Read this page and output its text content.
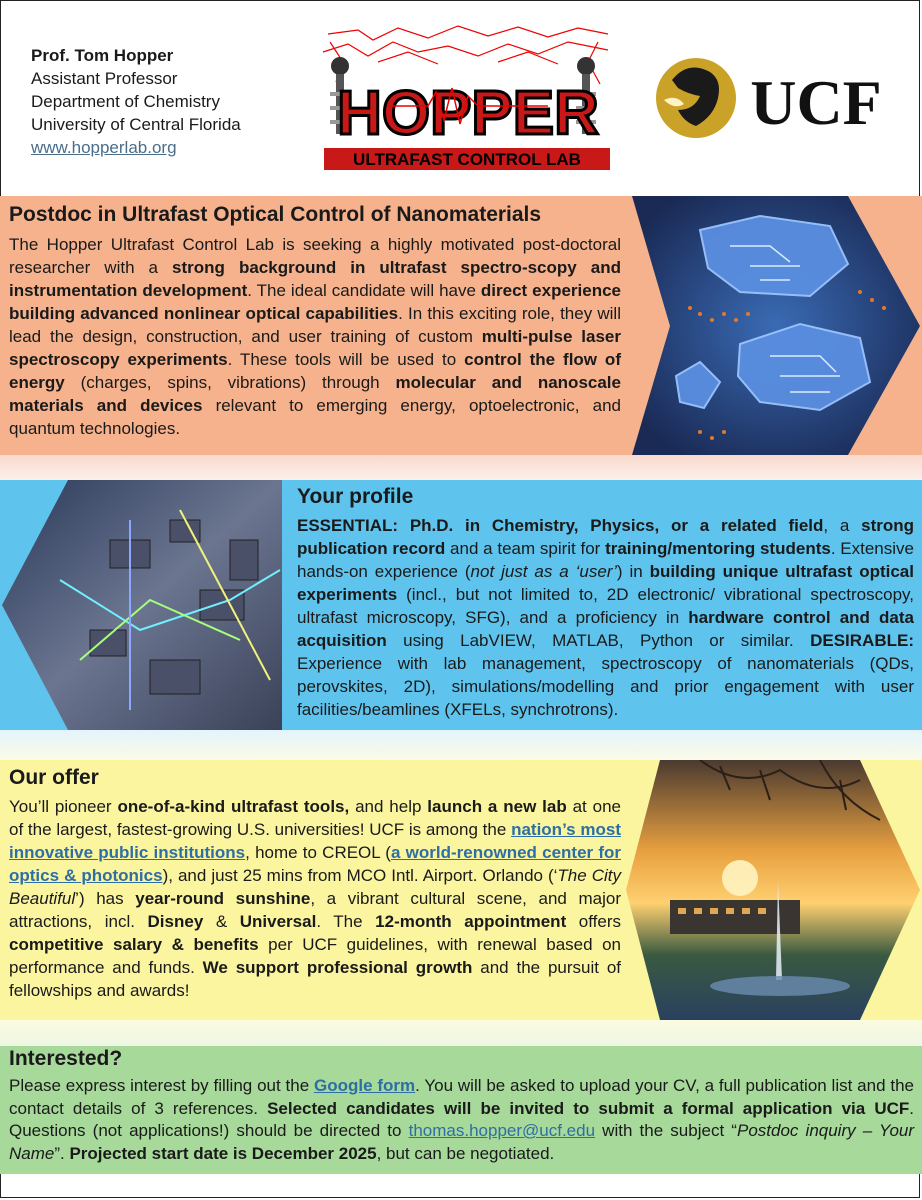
Prof. Tom Hopper
Assistant Professor
Department of Chemistry
University of Central Florida
www.hopperlab.org	HOPPER
ULTRAFAST CONTROL LAB
UCF
Postdoc in Ultrafast Optical Control of Nanomaterials
The Hopper Ultrafast Control Lab is seeking a highly motivated post-doctoral researcher with a strong background in ultrafast spectro-scopy and instrumentation development. The ideal candidate will have direct experience building advanced nonlinear optical capabilities. In this exciting role, they will lead the design, construction, and user training of custom multi-pulse laser spectroscopy experiments. These tools will be used to control the flow of energy (charges, spins, vibrations) through molecular and nanoscale materials and devices relevant to emerging energy, optoelectronic, and quantum technologies.
Your profile
ESSENTIAL: Ph.D. in Chemistry, Physics, or a related field, a strong publication record and a team spirit for training/mentoring students. Extensive hands-on experience (not just as a ‘user’) in building unique ultrafast optical experiments (incl., but not limited to, 2D electronic/ vibrational spectroscopy, ultrafast microscopy, SFG), and a proficiency in hardware control and data acquisition using LabVIEW, MATLAB, Python or similar. DESIRABLE: Experience with lab management, spectroscopy of nanomaterials (QDs, perovskites, 2D), simulations/modelling and prior engagement with user facilities/beamlines (XFELs, synchrotrons).
Our offer
You’ll pioneer one-of-a-kind ultrafast tools, and help launch a new lab at one of the largest, fastest-growing U.S. universities! UCF is among the nation’s most innovative public institutions, home to CREOL (a world-renowned center for optics & photonics), and just 25 mins from MCO Intl. Airport. Orlando (‘The City Beautiful’) has year-round sunshine, a vibrant cultural scene, and major attractions, incl. Disney & Universal. The 12-month appointment offers competitive salary & benefits per UCF guidelines, with renewal based on performance and funds. We support professional growth and the pursuit of fellowships and awards!
Interested?
Please express interest by filling out the Google form. You will be asked to upload your CV, a full publication list and the contact details of 3 references. Selected candidates will be invited to submit a formal application via UCF. Questions (not applications!) should be directed to thomas.hopper@ucf.edu with the subject “Postdoc inquiry – Your Name”. Projected start date is December 2025, but can be negotiated.
